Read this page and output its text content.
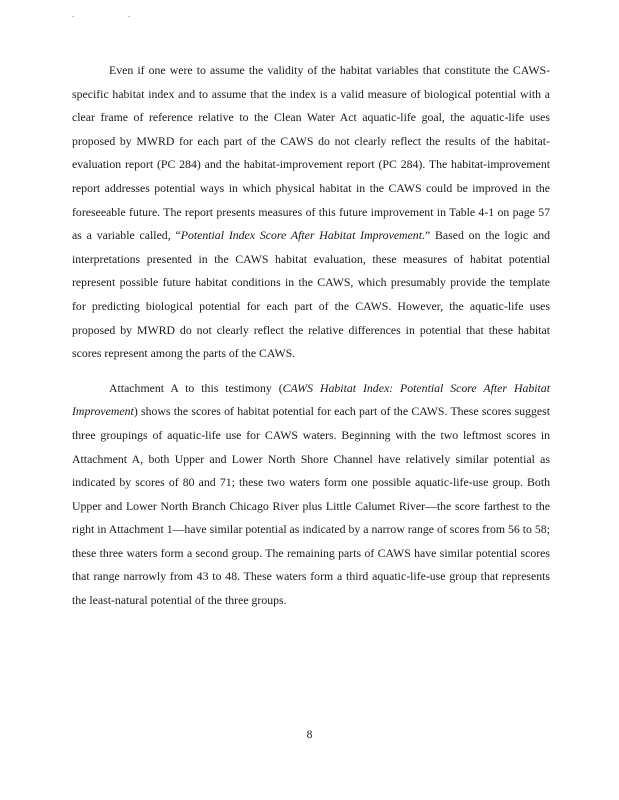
. .

Even if one were to assume the validity of the habitat variables that constitute the CAWS-specific habitat index and to assume that the index is a valid measure of biological potential with a clear frame of reference relative to the Clean Water Act aquatic-life goal, the aquatic-life uses proposed by MWRD for each part of the CAWS do not clearly reflect the results of the habitat-evaluation report (PC 284) and the habitat-improvement report (PC 284). The habitat-improvement report addresses potential ways in which physical habitat in the CAWS could be improved in the foreseeable future. The report presents measures of this future improvement in Table 4-1 on page 57 as a variable called, “Potential Index Score After Habitat Improvement.” Based on the logic and interpretations presented in the CAWS habitat evaluation, these measures of habitat potential represent possible future habitat conditions in the CAWS, which presumably provide the template for predicting biological potential for each part of the CAWS. However, the aquatic-life uses proposed by MWRD do not clearly reflect the relative differences in potential that these habitat scores represent among the parts of the CAWS.

Attachment A to this testimony (CAWS Habitat Index: Potential Score After Habitat Improvement) shows the scores of habitat potential for each part of the CAWS. These scores suggest three groupings of aquatic-life use for CAWS waters. Beginning with the two leftmost scores in Attachment A, both Upper and Lower North Shore Channel have relatively similar potential as indicated by scores of 80 and 71; these two waters form one possible aquatic-life-use group. Both Upper and Lower North Branch Chicago River plus Little Calumet River—the score farthest to the right in Attachment 1—have similar potential as indicated by a narrow range of scores from 56 to 58; these three waters form a second group. The remaining parts of CAWS have similar potential scores that range narrowly from 43 to 48. These waters form a third aquatic-life-use group that represents the least-natural potential of the three groups.

8
